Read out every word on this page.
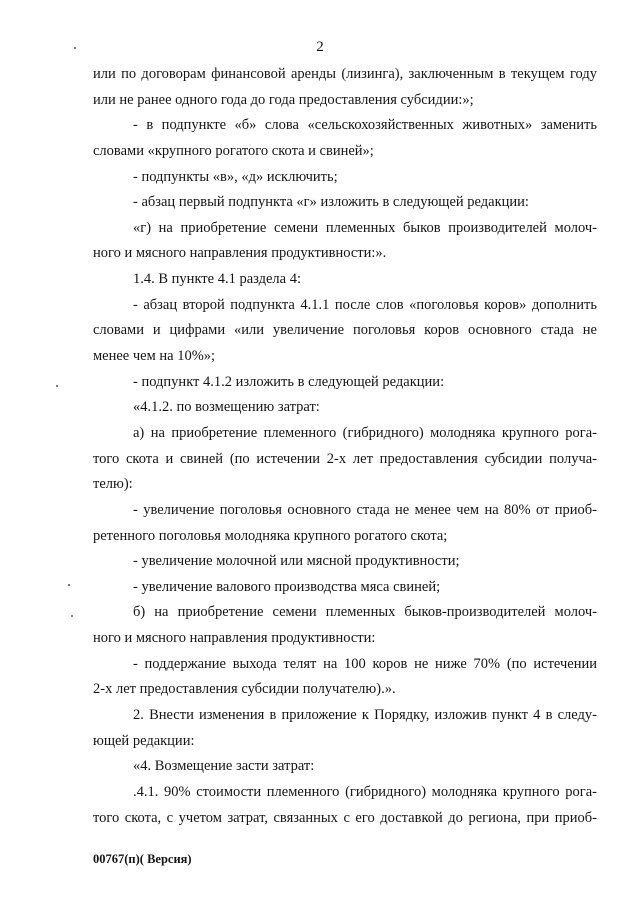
2
или по договорам финансовой аренды (лизинга), заключенным в текущем году
или не ранее одного года до года предоставления субсидии:»;
- в подпункте «б» слова «сельскохозяйственных животных» заменить
словами «крупного рогатого скота и свиней»;
- подпункты «в», «д» исключить;
- абзац первый подпункта «г» изложить в следующей редакции:
«г) на приобретение семени племенных быков производителей молоч-
ного и мясного направления продуктивности:».
1.4. В пункте 4.1 раздела 4:
- абзац второй подпункта 4.1.1 после слов «поголовья коров» дополнить
словами и цифрами «или увеличение поголовья коров основного стада не
менее чем на 10%»;
- подпункт 4.1.2 изложить в следующей редакции:
«4.1.2. по возмещению затрат:
а) на приобретение племенного (гибридного) молодняка крупного рога-
того скота и свиней (по истечении 2-х лет предоставления субсидии получа-
телю):
- увеличение поголовья основного стада не менее чем на 80% от приоб-
ретенного поголовья молодняка крупного рогатого скота;
- увеличение молочной или мясной продуктивности;
- увеличение валового производства мяса свиней;
б) на приобретение семени племенных быков-производителей молоч-
ного и мясного направления продуктивности:
- поддержание выхода телят на 100 коров не ниже 70% (по истечении
2-х лет предоставления субсидии получателю).».
2. Внести изменения в приложение к Порядку, изложив пункт 4 в следу-
ющей редакции:
«4. Возмещение засти затрат:
.4.1. 90% стоимости племенного (гибридного) молодняка крупного рога-
того скота, с учетом затрат, связанных с его доставкой до региона, при приоб-
00767(п)( Версия)
